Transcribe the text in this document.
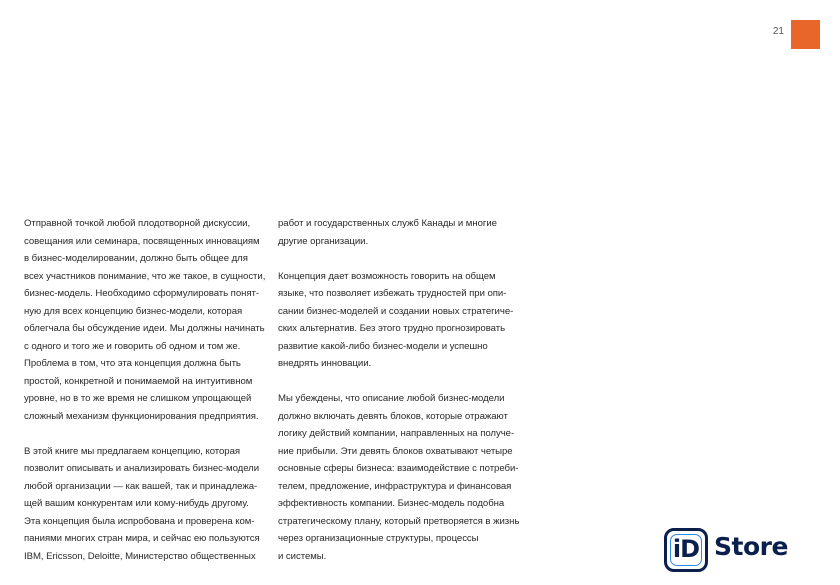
21

Отправной точкой любой плодотворной дискуссии,
совещания или семинара, посвященных инновациям
в бизнес-моделировании, должно быть общее для
всех участников понимание, что же такое, в сущности,
бизнес-модель. Необходимо сформулировать понят-
ную для всех концепцию бизнес-модели, которая
облегчала бы обсуждение идеи. Мы должны начинать
с одного и того же и говорить об одном и том же.
Проблема в том, что эта концепция должна быть
простой, конкретной и понимаемой на интуитивном
уровне, но в то же время не слишком упрощающей
сложный механизм функционирования предприятия.

В этой книге мы предлагаем концепцию, которая
позволит описывать и анализировать бизнес-модели
любой организации — как вашей, так и принадлежа-
щей вашим конкурентам или кому-нибудь другому.
Эта концепция была испробована и проверена ком-
паниями многих стран мира, и сейчас ею пользуются
IBM, Ericsson, Deloitte, Министерство общественных

работ и государственных служб Канады и многие
другие организации.

Концепция дает возможность говорить на общем
языке, что позволяет избежать трудностей при опи-
сании бизнес-моделей и создании новых стратегиче-
ских альтернатив. Без этого трудно прогнозировать
развитие какой-либо бизнес-модели и успешно
внедрять инновации.

Мы убеждены, что описание любой бизнес-модели
должно включать девять блоков, которые отражают
логику действий компании, направленных на получе-
ние прибыли. Эти девять блоков охватывают четыре
основные сферы бизнеса: взаимодействие с потреби-
телем, предложение, инфраструктура и финансовая
эффективность компании. Бизнес-модель подобна
стратегическому плану, который претворяется в жизнь
через организационные структуры, процессы
и системы.	iD Store
